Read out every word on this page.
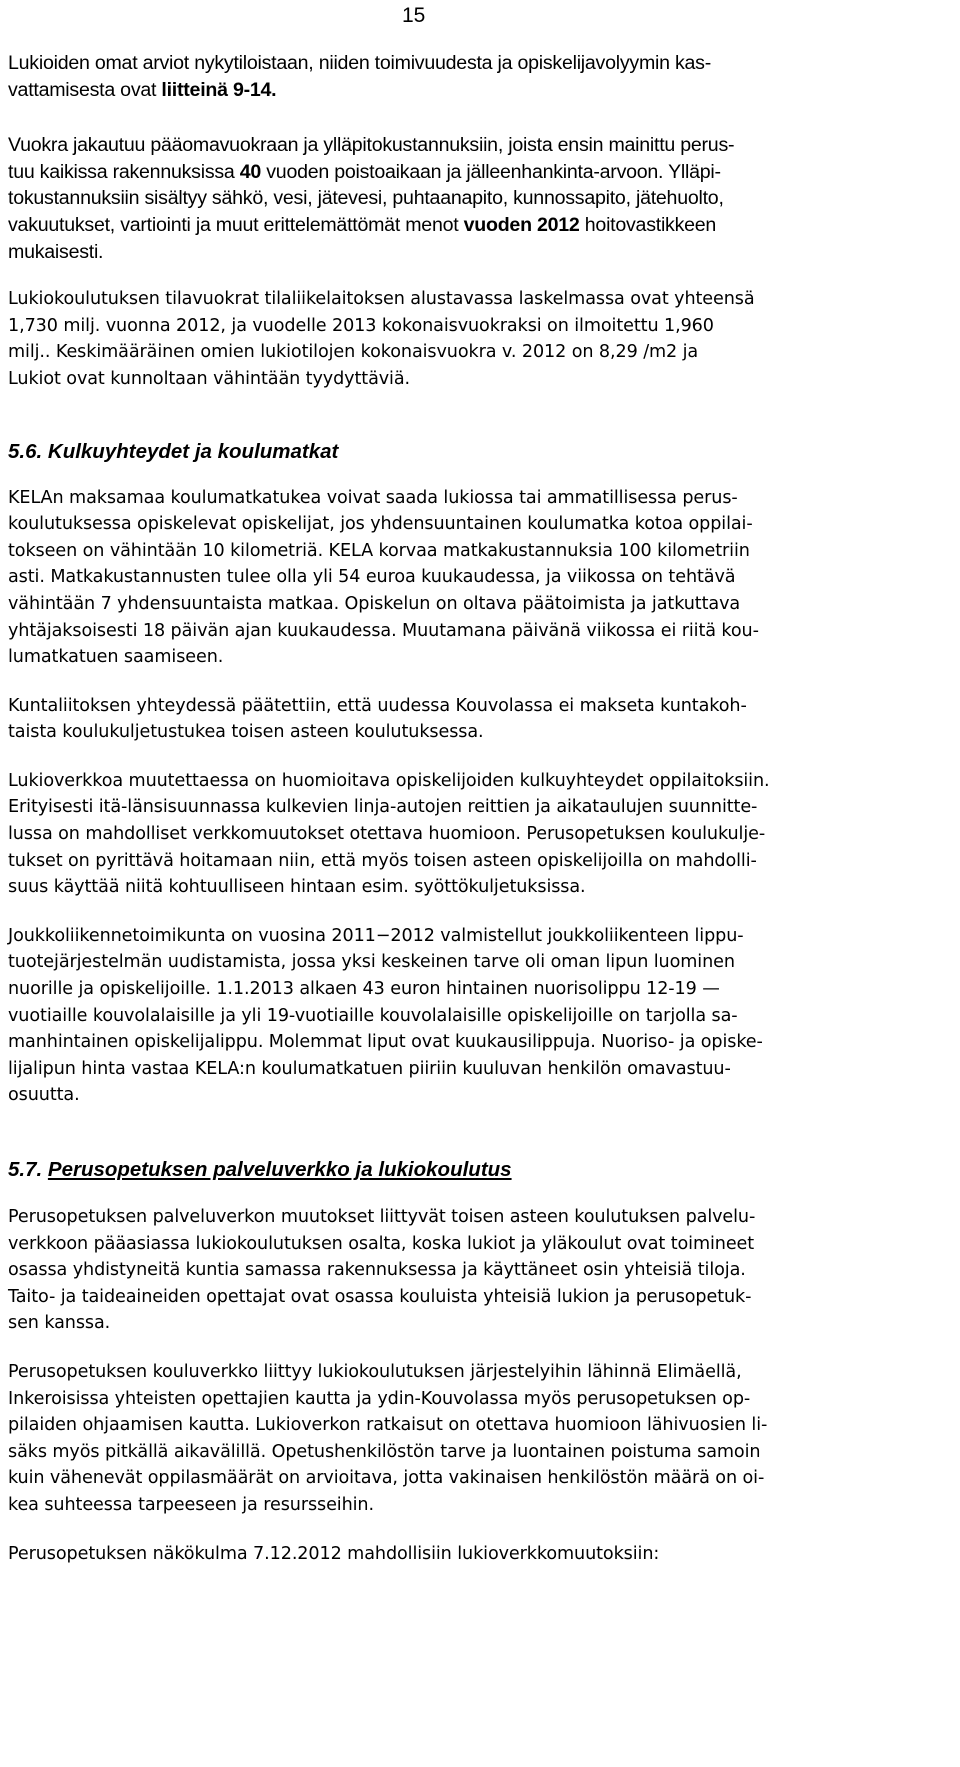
15

Lukioiden omat arviot nykytiloistaan, niiden toimivuudesta ja opiskelijavolyymin kas-
vattamisesta ovat liitteinä 9-14.

Vuokra jakautuu pääomavuokraan ja ylläpitokustannuksiin, joista ensin mainittu perus-
tuu kaikissa rakennuksissa 40 vuoden poistoaikaan ja jälleenhankinta-arvoon. Ylläpi-
tokustannuksiin sisältyy sähkö, vesi, jätevesi, puhtaanapito, kunnossapito, jätehuolto,
vakuutukset, vartiointi ja muut erittelemättömät menot vuoden 2012 hoitovastikkeen
mukaisesti.

Lukiokoulutuksen tilavuokrat tilaliikelaitoksen alustavassa laskelmassa ovat yhteensä
1,730 milj. vuonna 2012, ja vuodelle 2013 kokonaisvuokraksi on ilmoitettu 1,960
milj.. Keskimääräinen omien lukiotilojen kokonaisvuokra v. 2012 on 8,29 /m2 ja
Lukiot ovat kunnoltaan vähintään tyydyttäviä.

5.6. Kulkuyhteydet ja koulumatkat

KELAn maksamaa koulumatkatukea voivat saada lukiossa tai ammatillisessa perus-
koulutuksessa opiskelevat opiskelijat, jos yhdensuuntainen koulumatka kotoa oppilai-
tokseen on vähintään 10 kilometriä. KELA korvaa matkakustannuksia 100 kilometriin
asti. Matkakustannusten tulee olla yli 54 euroa kuukaudessa, ja viikossa on tehtävä
vähintään 7 yhdensuuntaista matkaa. Opiskelun on oltava päätoimista ja jatkuttava
yhtäjaksoisesti 18 päivän ajan kuukaudessa. Muutamana päivänä viikossa ei riitä kou-
lumatkatuen saamiseen.

Kuntaliitoksen yhteydessä päätettiin, että uudessa Kouvolassa ei makseta kuntakoh-
taista koulukuljetustukea toisen asteen koulutuksessa.

Lukioverkkoa muutettaessa on huomioitava opiskelijoiden kulkuyhteydet oppilaitoksiin.
Erityisesti itä-länsisuunnassa kulkevien linja-autojen reittien ja aikataulujen suunnitte-
lussa on mahdolliset verkkomuutokset otettava huomioon. Perusopetuksen koulukulje-
tukset on pyrittävä hoitamaan niin, että myös toisen asteen opiskelijoilla on mahdolli-
suus käyttää niitä kohtuulliseen hintaan esim. syöttökuljetuksissa.

Joukkoliikennetoimikunta on vuosina 2011−2012 valmistellut joukkoliikenteen lippu-
tuotejärjestelmän uudistamista, jossa yksi keskeinen tarve oli oman lipun luominen
nuorille ja opiskelijoille. 1.1.2013 alkaen 43 euron hintainen nuorisolippu 12-19 —
vuotiaille kouvolalaisille ja yli 19-vuotiaille kouvolalaisille opiskelijoille on tarjolla sa-
manhintainen opiskelijalippu. Molemmat liput ovat kuukausilippuja. Nuoriso- ja opiske-
lijalipun hinta vastaa KELA:n koulumatkatuen piiriin kuuluvan henkilön omavastuu-
osuutta.

5.7. Perusopetuksen palveluverkko ja lukiokoulutus

Perusopetuksen palveluverkon muutokset liittyvät toisen asteen koulutuksen palvelu-
verkkoon pääasiassa lukiokoulutuksen osalta, koska lukiot ja yläkoulut ovat toimineet
osassa yhdistyneitä kuntia samassa rakennuksessa ja käyttäneet osin yhteisiä tiloja.
Taito- ja taideaineiden opettajat ovat osassa kouluista yhteisiä lukion ja perusopetuk-
sen kanssa.

Perusopetuksen kouluverkko liittyy lukiokoulutuksen järjestelyihin lähinnä Elimäellä,
Inkeroisissa yhteisten opettajien kautta ja ydin-Kouvolassa myös perusopetuksen op-
pilaiden ohjaamisen kautta. Lukioverkon ratkaisut on otettava huomioon lähivuosien li-
säks myös pitkällä aikavälillä. Opetushenkilöstön tarve ja luontainen poistuma samoin
kuin vähenevät oppilasmäärät on arvioitava, jotta vakinaisen henkilöstön määrä on oi-
kea suhteessa tarpeeseen ja resursseihin.

Perusopetuksen näkökulma 7.12.2012 mahdollisiin lukioverkkomuutoksiin:
